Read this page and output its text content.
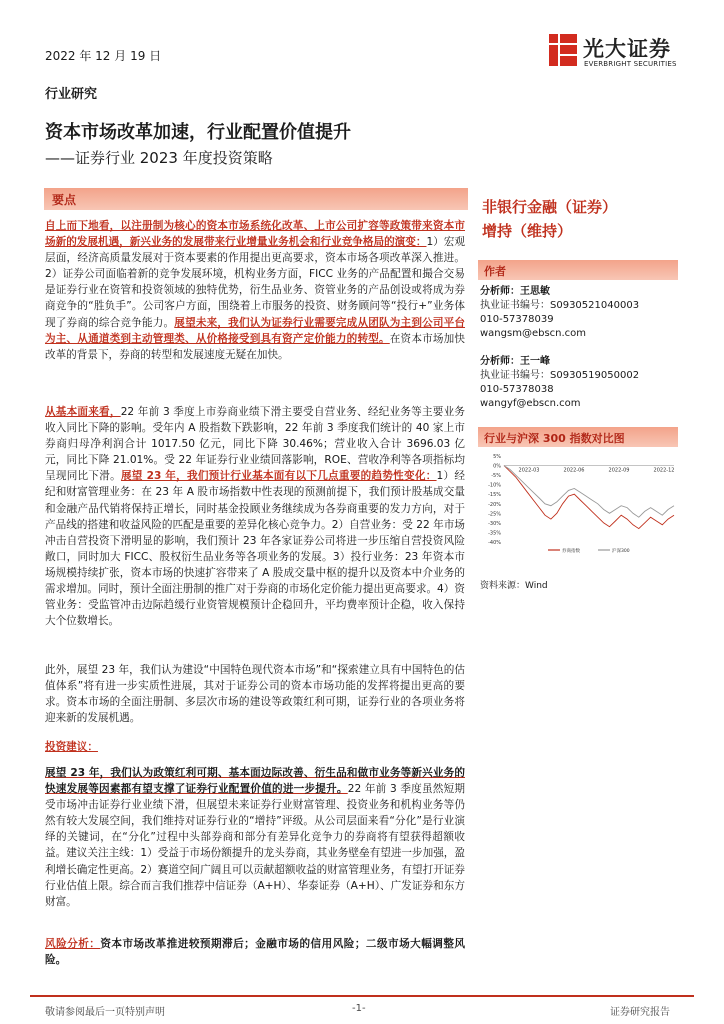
2022 年 12 月 19 日	光大证券
EVERBRIGHT SECURITIES
行业研究
资本市场改革加速，行业配置价值提升
——证券行业 2023 年度投资策略
要点

自上而下地看，以注册制为核心的资本市场系统化改革、上市公司扩容等政策带来资本市场新的发展机遇，新兴业务的发展带来行业增量业务机会和行业竞争格局的演变：1）宏观层面，经济高质量发展对于资本要素的作用提出更高要求，资本市场各项改革深入推进。2）证券公司面临着新的竞争发展环境，机构业务方面，FICC 业务的产品配置和撮合交易是证券行业在资管和投资领域的独特优势，衍生品业务、资管业务的产品创设或将成为券商竞争的“胜负手”。公司客户方面，围绕着上市服务的投资、财务顾问等“投行+”业务体现了券商的综合竞争能力。展望未来，我们认为证券行业需要完成从团队为主到公司平台为主、从通道类到主动管理类、从价格接受到具有资产定价能力的转型。在资本市场加快改革的背景下，券商的转型和发展速度无疑在加快。

从基本面来看，22 年前 3 季度上市券商业绩下滑主要受自营业务、经纪业务等主要业务收入同比下降的影响。受年内 A 股指数下跌影响，22 年前 3 季度我们统计的 40 家上市券商归母净利润合计 1017.50 亿元，同比下降 30.46%；营业收入合计 3696.03 亿元，同比下降 21.01%。受 22 年证券行业业绩回落影响，ROE、营收净利等各项指标均呈现同比下滑。展望 23 年，我们预计行业基本面有以下几点重要的趋势性变化：1）经纪和财富管理业务：在 23 年 A 股市场指数中性表现的预测前提下，我们预计股基成交量和金融产品代销将保持正增长，同时基金投顾业务继续成为各券商重要的发力方向，对于产品线的搭建和收益风险的匹配是重要的差异化核心竞争力。2）自营业务：受 22 年市场冲击自营投资下滑明显的影响，我们预计 23 年各家证券公司将进一步压缩自营投资风险敞口，同时加大 FICC、股权衍生品业务等各项业务的发展。3）投行业务：23 年资本市场规模持续扩张，资本市场的快速扩容带来了 A 股成交量中枢的提升以及资本中介业务的需求增加。同时，预计全面注册制的推广对于券商的市场化定价能力提出更高要求。4）资管业务：受监管冲击边际趋缓行业资管规模预计企稳回升，平均费率预计企稳，收入保持大个位数增长。

此外，展望 23 年，我们认为建设“中国特色现代资本市场”和“探索建立具有中国特色的估值体系”将有进一步实质性进展，其对于证券公司的资本市场功能的发挥将提出更高的要求。资本市场的全面注册制、多层次市场的建设等政策红利可期，证券行业的各项业务将迎来新的发展机遇。
投资建议：

展望 23 年，我们认为政策红利可期、基本面边际改善、衍生品和做市业务等新兴业务的快速发展等因素都有望支撑了证券行业配置价值的进一步提升。22 年前 3 季度虽然短期受市场冲击证券行业业绩下滑，但展望未来证券行业财富管理、投资业务和机构业务等仍然有较大发展空间，我们维持对证券行业的“增持”评级。从公司层面来看“分化”是行业演绎的关键词，在“分化”过程中头部券商和部分有差异化竞争力的券商将有望获得超额收益。建议关注主线：1）受益于市场份额提升的龙头券商，其业务壁垒有望进一步加强，盈利增长确定性更高。2）赛道空间广阔且可以贡献超额收益的财富管理业务，有望打开证券行业估值上限。综合而言我们推荐中信证券（A+H）、华泰证券（A+H）、广发证券和东方财富。

风险分析：资本市场改革推进较预期滞后；金融市场的信用风险；二级市场大幅调整风险。

非银行金融（证券）
增持（维持）
作者
分析师：王思敏
执业证书编号：S0930521040003
010-57378039
wangsm@ebscn.com
分析师：王一峰
执业证书编号：S0930519050002
010-57378038
wangyf@ebscn.com
行业与沪深 300 指数对比图
5%
0%
-5%
-10%
-15%
-20%
-25%
-30%
-35%
-40%
2022-03	2022-06	2022-09	2022-12
券商指数	沪深300
资料来源：Wind
敬请参阅最后一页特别声明	-1-	证券研究报告
